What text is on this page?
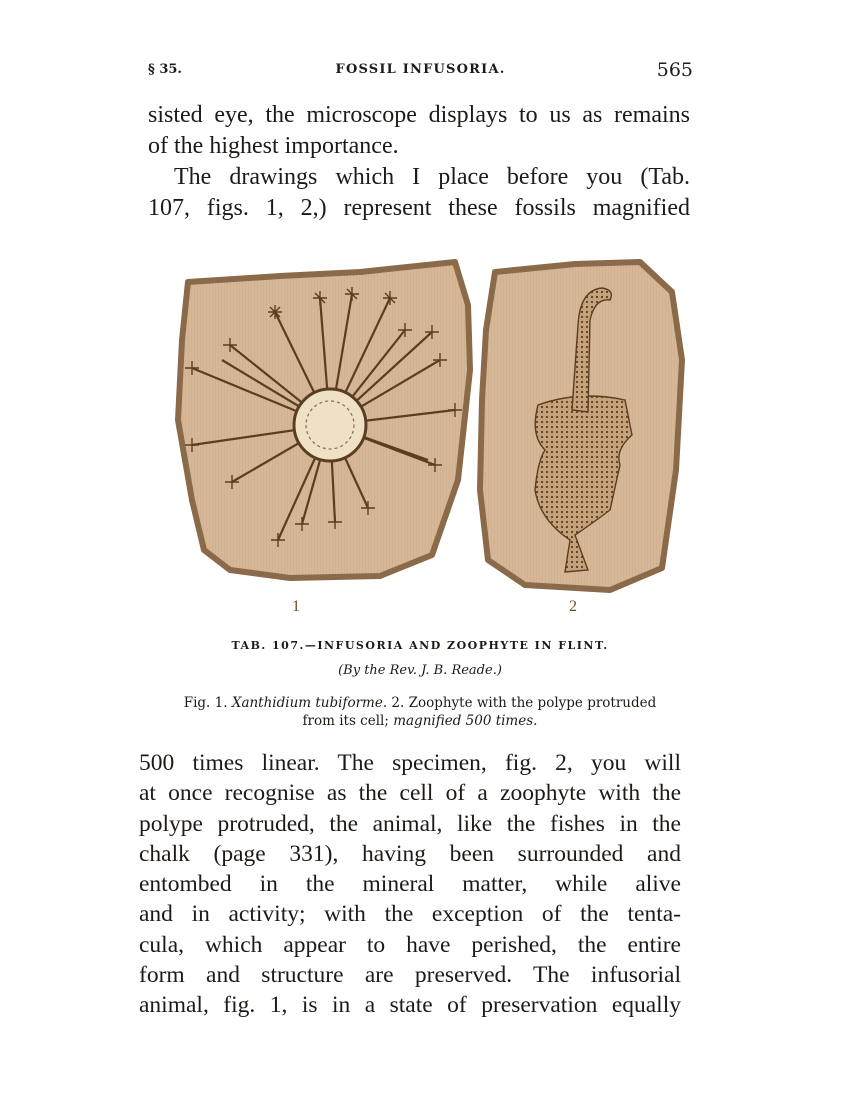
§ 35.	FOSSIL INFUSORIA.	565
sisted eye, the microscope displays to us as remains
of the highest importance.
The drawings which I place before you (Tab.
107, figs. 1, 2,) represent these fossils magnified
1	2
TAB. 107.—INFUSORIA AND ZOOPHYTE IN FLINT.
(By the Rev. J. B. Reade.)
Fig. 1. Xanthidium tubiforme. 2. Zoophyte with the polype protruded
from its cell; magnified 500 times.
500 times linear. The specimen, fig. 2, you will
at once recognise as the cell of a zoophyte with the
polype protruded, the animal, like the fishes in the
chalk (page 331), having been surrounded and
entombed in the mineral matter, while alive
and in activity; with the exception of the tenta-
cula, which appear to have perished, the entire
form and structure are preserved. The infusorial
animal, fig. 1, is in a state of preservation equally
